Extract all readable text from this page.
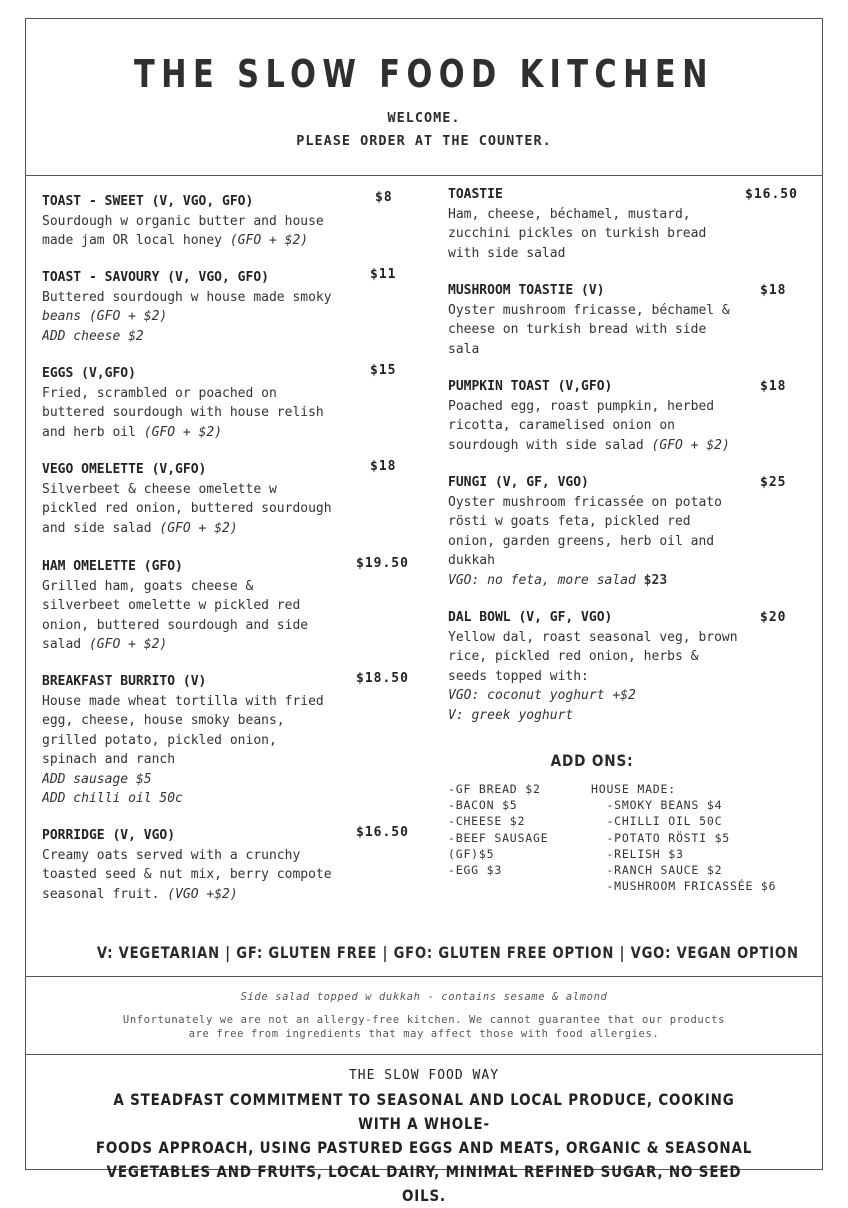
THE SLOW FOOD KITCHEN
WELCOME.
PLEASE ORDER AT THE COUNTER.
TOAST - SWEET (V, VGO, GFO)
Sourdough w organic butter and house
made jam OR local honey (GFO + $2)
$8
TOAST - SAVOURY (V, VGO, GFO)
Buttered sourdough w house made smoky
beans (GFO + $2)
ADD cheese $2
$11
EGGS (V,GFO)
Fried, scrambled or poached on
buttered sourdough with house relish
and herb oil (GFO + $2)
$15
VEGO OMELETTE (V,GFO)
Silverbeet & cheese omelette w
pickled red onion, buttered sourdough
and side salad (GFO + $2)
$18
HAM OMELETTE (GFO)
Grilled ham, goats cheese &
silverbeet omelette w pickled red
onion, buttered sourdough and side
salad (GFO + $2)
$19.50
BREAKFAST BURRITO (V)
House made wheat tortilla with fried
egg, cheese, house smoky beans,
grilled potato, pickled onion,
spinach and ranch
ADD sausage $5
ADD chilli oil 50c
$18.50
PORRIDGE (V, VGO)
Creamy oats served with a crunchy
toasted seed & nut mix, berry compote
seasonal fruit. (VGO +$2)
$16.50
TOASTIE
Ham, cheese, béchamel, mustard,
zucchini pickles on turkish bread
with side salad
$16.50
MUSHROOM TOASTIE (V)
Oyster mushroom fricasse, béchamel &
cheese on turkish bread with side
sala
$18
PUMPKIN TOAST (V,GFO)
Poached egg, roast pumpkin, herbed
ricotta, caramelised onion on
sourdough with side salad (GFO + $2)
$18
FUNGI (V, GF, VGO)
Oyster mushroom fricassée on potato
rösti w goats feta, pickled red
onion, garden greens, herb oil and
dukkah
VGO: no feta, more salad $23
$25
DAL BOWL (V, GF, VGO)
Yellow dal, roast seasonal veg, brown
rice, pickled red onion, herbs &
seeds topped with:
VGO: coconut yoghurt +$2
V: greek yoghurt
$20
ADD ONS:
-GF BREAD $2
-BACON $5
-CHEESE $2
-BEEF SAUSAGE
(GF)$5
-EGG $3
HOUSE MADE:
-SMOKY BEANS $4
-CHILLI OIL 50C
-POTATO RÖSTI $5
-RELISH $3
-RANCH SAUCE $2
-MUSHROOM FRICASSÉE $6
V: VEGETARIAN | GF: GLUTEN FREE | GFO: GLUTEN FREE OPTION | VGO: VEGAN OPTION
Side salad topped w dukkah - contains sesame & almond
Unfortunately we are not an allergy-free kitchen. We cannot guarantee that our products
are free from ingredients that may affect those with food allergies.
THE SLOW FOOD WAY
A STEADFAST COMMITMENT TO SEASONAL AND LOCAL PRODUCE, COOKING WITH A WHOLE-
FOODS APPROACH, USING PASTURED EGGS AND MEATS, ORGANIC & SEASONAL
VEGETABLES AND FRUITS, LOCAL DAIRY, MINIMAL REFINED SUGAR, NO SEED OILS.
